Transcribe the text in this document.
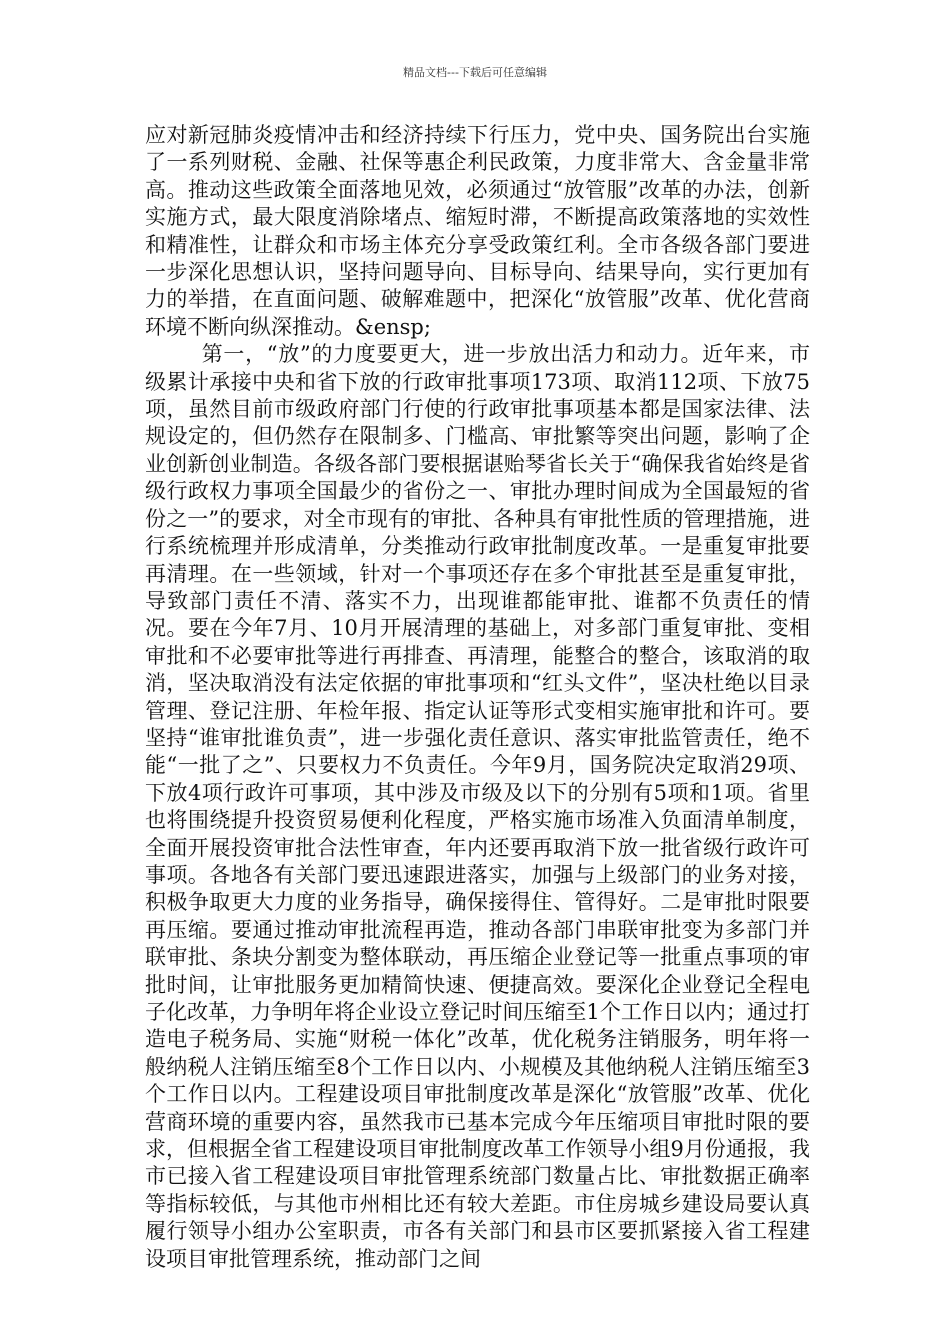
精品文档---下载后可任意编辑

应对新冠肺炎疫情冲击和经济持续下行压力，党中央、国务院出台实施了一系列财税、金融、社保等惠企利民政策，力度非常大、含金量非常高。推动这些政策全面落地见效，必须通过“放管服”改革的办法，创新实施方式，最大限度消除堵点、缩短时滞，不断提高政策落地的实效性和精准性，让群众和市场主体充分享受政策红利。全市各级各部门要进一步深化思想认识，坚持问题导向、目标导向、结果导向，实行更加有力的举措，在直面问题、破解难题中，把深化“放管服”改革、优化营商环境不断向纵深推动。&ensp;

第一，“放”的力度要更大，进一步放出活力和动力。近年来，市级累计承接中央和省下放的行政审批事项173项、取消112项、下放75项，虽然目前市级政府部门行使的行政审批事项基本都是国家法律、法规设定的，但仍然存在限制多、门槛高、审批繁等突出问题，影响了企业创新创业制造。各级各部门要根据谌贻琴省长关于“确保我省始终是省级行政权力事项全国最少的省份之一、审批办理时间成为全国最短的省份之一”的要求，对全市现有的审批、各种具有审批性质的管理措施，进行系统梳理并形成清单，分类推动行政审批制度改革。一是重复审批要再清理。在一些领域，针对一个事项还存在多个审批甚至是重复审批，导致部门责任不清、落实不力，出现谁都能审批、谁都不负责任的情况。要在今年7月、10月开展清理的基础上，对多部门重复审批、变相审批和不必要审批等进行再排查、再清理，能整合的整合，该取消的取消，坚决取消没有法定依据的审批事项和“红头文件”，坚决杜绝以目录管理、登记注册、年检年报、指定认证等形式变相实施审批和许可。要坚持“谁审批谁负责”，进一步强化责任意识、落实审批监管责任，绝不能“一批了之”、只要权力不负责任。今年9月，国务院决定取消29项、下放4项行政许可事项，其中涉及市级及以下的分别有5项和1项。省里也将围绕提升投资贸易便利化程度，严格实施市场准入负面清单制度，全面开展投资审批合法性审查，年内还要再取消下放一批省级行政许可事项。各地各有关部门要迅速跟进落实，加强与上级部门的业务对接，积极争取更大力度的业务指导，确保接得住、管得好。二是审批时限要再压缩。要通过推动审批流程再造，推动各部门串联审批变为多部门并联审批、条块分割变为整体联动，再压缩企业登记等一批重点事项的审批时间，让审批服务更加精简快速、便捷高效。要深化企业登记全程电子化改革，力争明年将企业设立登记时间压缩至1个工作日以内；通过打造电子税务局、实施“财税一体化”改革，优化税务注销服务，明年将一般纳税人注销压缩至8个工作日以内、小规模及其他纳税人注销压缩至3个工作日以内。工程建设项目审批制度改革是深化“放管服”改革、优化营商环境的重要内容，虽然我市已基本完成今年压缩项目审批时限的要求，但根据全省工程建设项目审批制度改革工作领导小组9月份通报，我市已接入省工程建设项目审批管理系统部门数量占比、审批数据正确率等指标较低，与其他市州相比还有较大差距。市住房城乡建设局要认真履行领导小组办公室职责，市各有关部门和县市区要抓紧接入省工程建设项目审批管理系统，推动部门之间
